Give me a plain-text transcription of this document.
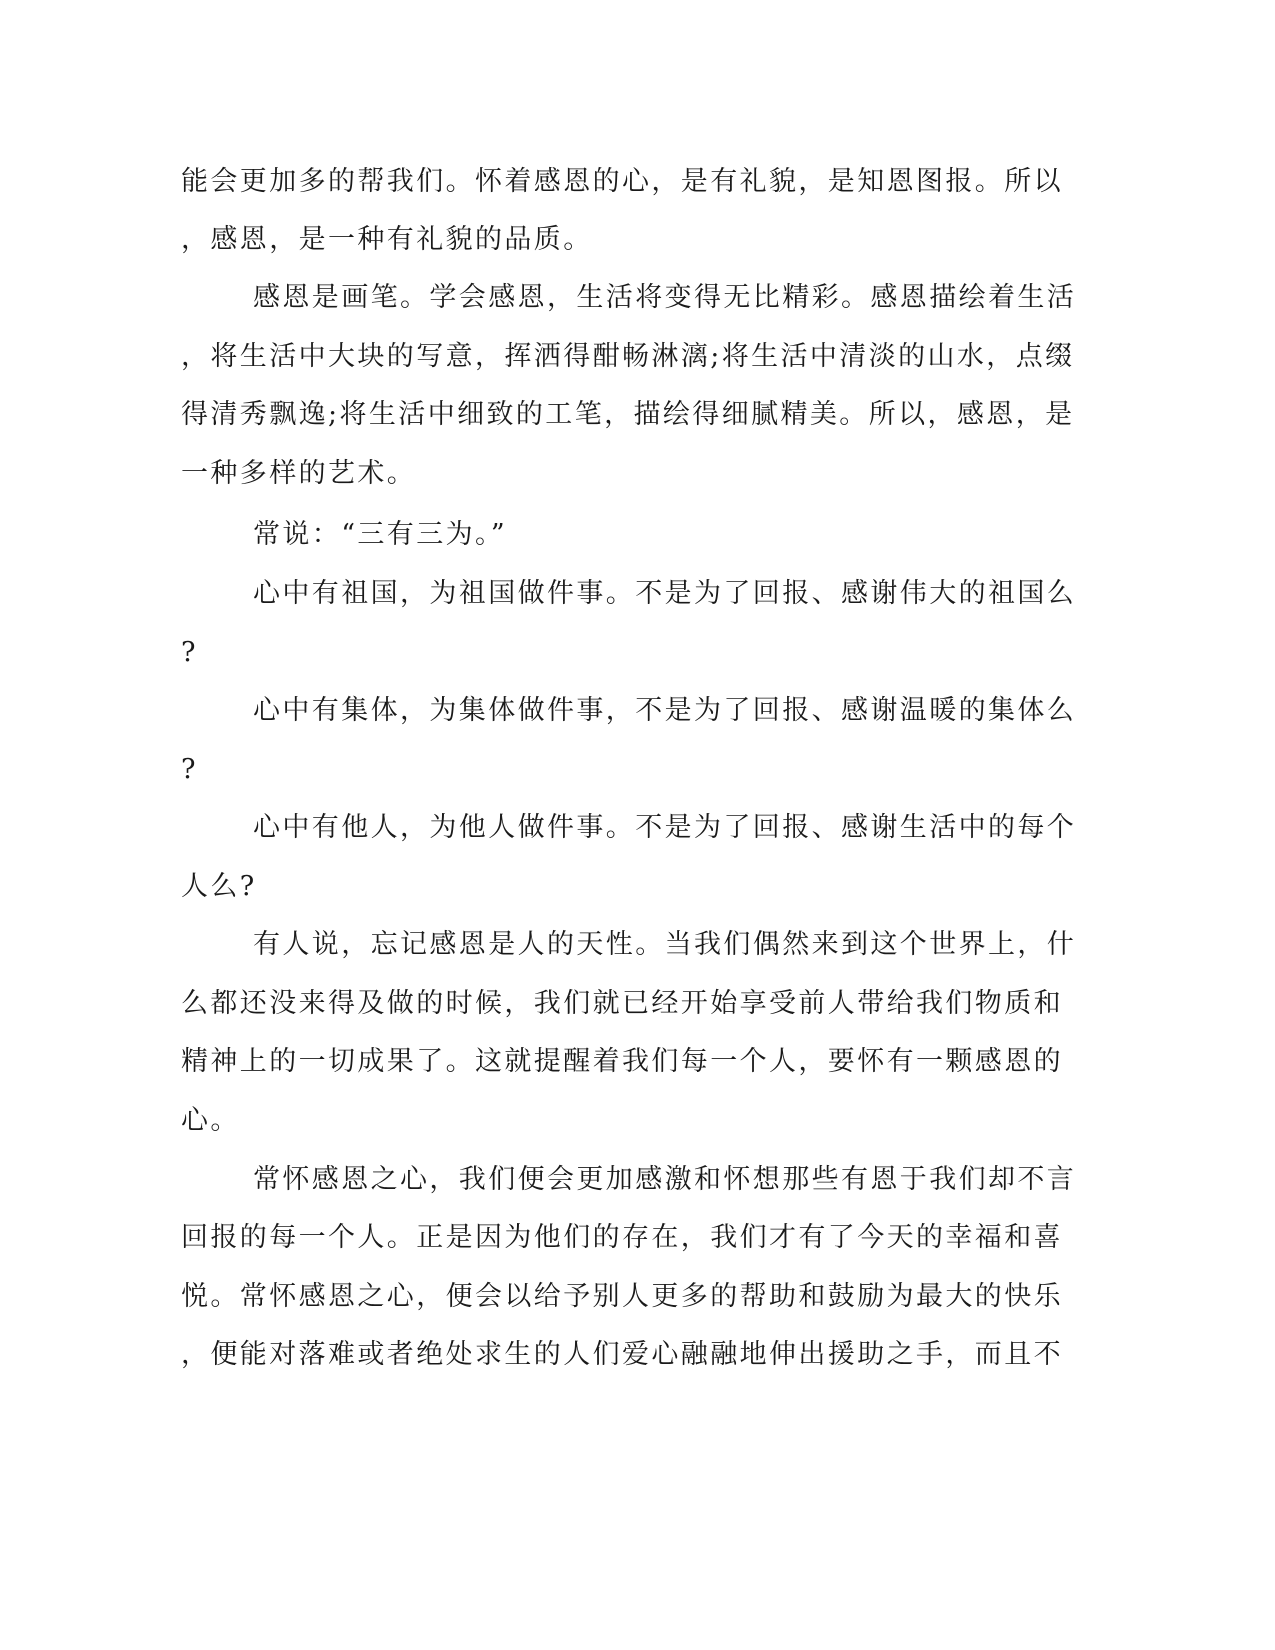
能会更加多的帮我们。怀着感恩的心，是有礼貌，是知恩图报。所以
，感恩，是一种有礼貌的品质。
感恩是画笔。学会感恩，生活将变得无比精彩。感恩描绘着生活
，将生活中大块的写意，挥洒得酣畅淋漓;将生活中清淡的山水，点缀
得清秀飘逸;将生活中细致的工笔，描绘得细腻精美。所以，感恩，是
一种多样的艺术。
常说：“三有三为。”
心中有祖国，为祖国做件事。不是为了回报、感谢伟大的祖国么
?
心中有集体，为集体做件事，不是为了回报、感谢温暖的集体么
?
心中有他人，为他人做件事。不是为了回报、感谢生活中的每个
人么?
有人说，忘记感恩是人的天性。当我们偶然来到这个世界上，什
么都还没来得及做的时候，我们就已经开始享受前人带给我们物质和
精神上的一切成果了。这就提醒着我们每一个人，要怀有一颗感恩的
心。
常怀感恩之心，我们便会更加感激和怀想那些有恩于我们却不言
回报的每一个人。正是因为他们的存在，我们才有了今天的幸福和喜
悦。常怀感恩之心，便会以给予别人更多的帮助和鼓励为最大的快乐
，便能对落难或者绝处求生的人们爱心融融地伸出援助之手，而且不
